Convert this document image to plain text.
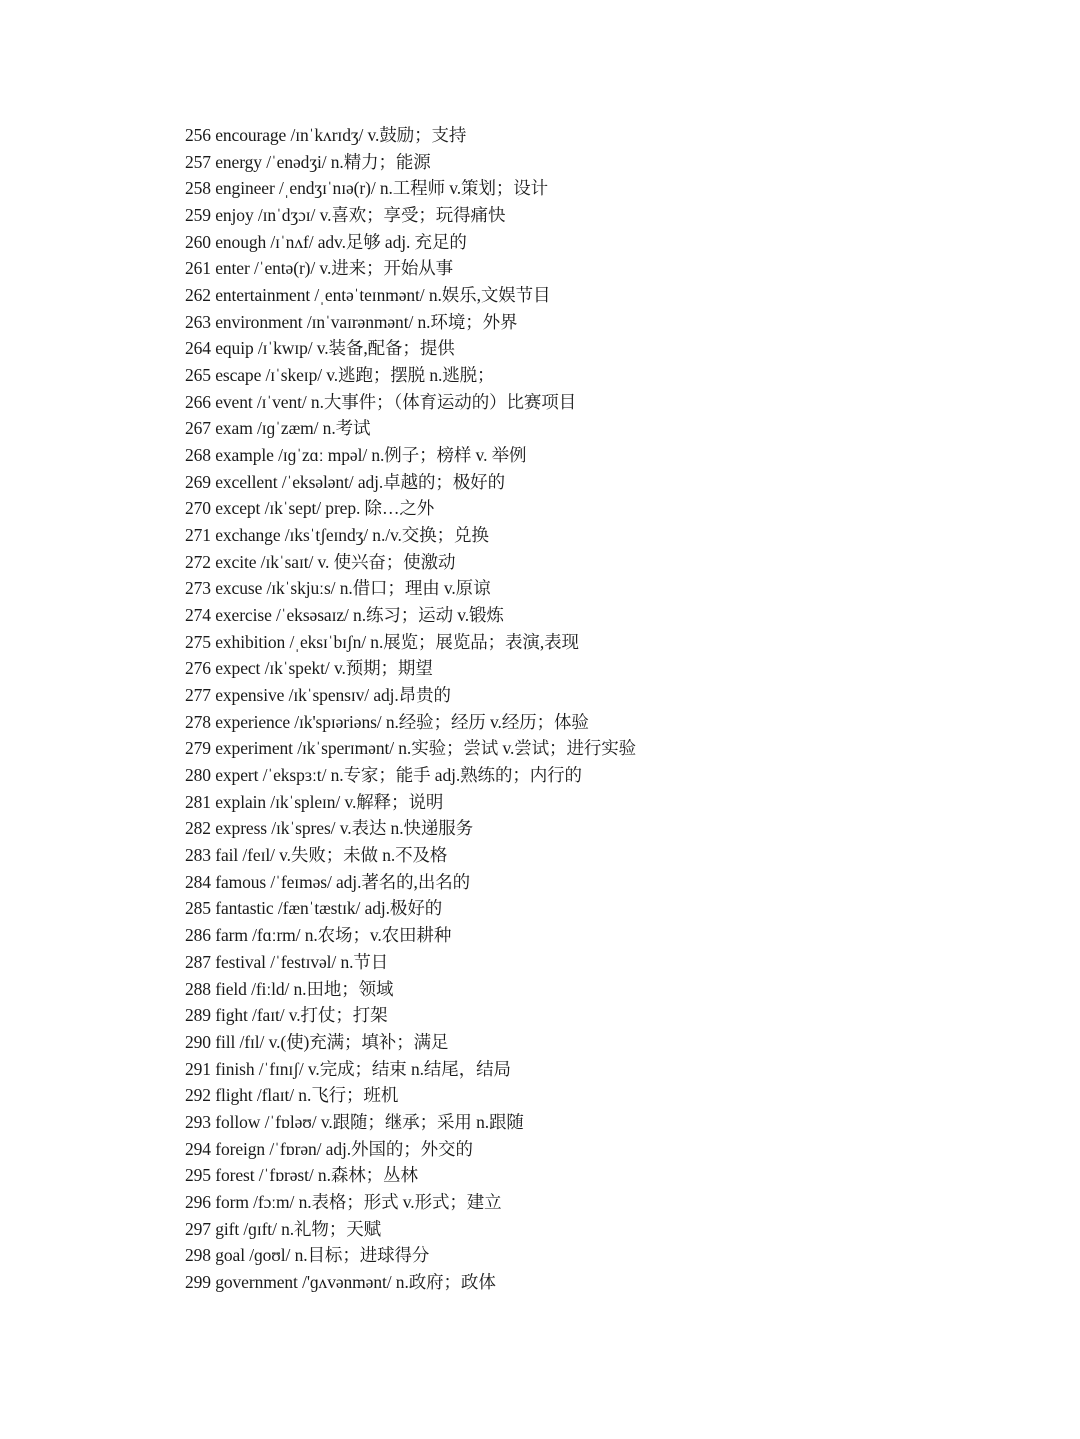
256 encourage /ɪnˈkʌrɪdʒ/ v.鼓励；支持
257 energy /ˈenədʒi/ n.精力；能源
258 engineer /ˌendʒɪˈnɪə(r)/ n.工程师 v.策划；设计
259 enjoy /ɪnˈdʒɔɪ/ v.喜欢；享受；玩得痛快
260 enough /ɪˈnʌf/ adv.足够 adj. 充足的
261 enter /ˈentə(r)/ v.进来；开始从事
262 entertainment /ˌentəˈteɪnmənt/ n.娱乐,文娱节目
263 environment /ɪnˈvaɪrənmənt/ n.环境；外界
264 equip /ɪˈkwɪp/ v.装备,配备；提供
265 escape /ɪˈskeɪp/ v.逃跑；摆脱 n.逃脱；
266 event /ɪˈvent/ n.大事件；（体育运动的）比赛项目
267 exam /ɪɡˈzæm/ n.考试
268 example /ɪɡˈzɑː mpəl/ n.例子；榜样 v. 举例
269 excellent /ˈeksələnt/ adj.卓越的；极好的
270 except /ɪkˈsept/ prep. 除…之外
271 exchange /ɪksˈtʃeɪndʒ/ n./v.交换；兑换
272 excite /ɪkˈsaɪt/ v. 使兴奋；使激动
273 excuse /ɪkˈskjuːs/ n.借口；理由 v.原谅
274 exercise /ˈeksəsaɪz/ n.练习；运动 v.锻炼
275 exhibition /ˌeksɪˈbɪʃn/ n.展览；展览品；表演,表现
276 expect /ɪkˈspekt/ v.预期；期望
277 expensive /ɪkˈspensɪv/ adj.昂贵的
278 experience /ɪk'spɪəriəns/ n.经验；经历 v.经历；体验
279 experiment /ɪkˈsperɪmənt/ n.实验；尝试 v.尝试；进行实验
280 expert /ˈekspɜːt/ n.专家；能手 adj.熟练的；内行的
281 explain /ɪkˈspleɪn/ v.解释；说明
282 express /ɪkˈspres/ v.表达 n.快递服务
283 fail /feɪl/ v.失败；未做 n.不及格
284 famous /ˈfeɪməs/ adj.著名的,出名的
285 fantastic /fænˈtæstɪk/ adj.极好的
286 farm /fɑːrm/ n.农场；v.农田耕种
287 festival /ˈfestɪvəl/ n.节日
288 field /fiːld/ n.田地；领域
289 fight /faɪt/ v.打仗；打架
290 fill /fɪl/ v.(使)充满；填补；满足
291 finish /ˈfɪnɪʃ/ v.完成；结束 n.结尾，结局
292 flight /flaɪt/ n.飞行；班机
293 follow /ˈfɒləʊ/ v.跟随；继承；采用 n.跟随
294 foreign /ˈfɒrən/ adj.外国的；外交的
295 forest /ˈfɒrəst/ n.森林；丛林
296 form /fɔːm/ n.表格；形式 v.形式；建立
297 gift /ɡɪft/ n.礼物；天赋
298 goal /ɡoʊl/ n.目标；进球得分
299 government /'ɡʌvənmənt/ n.政府；政体
